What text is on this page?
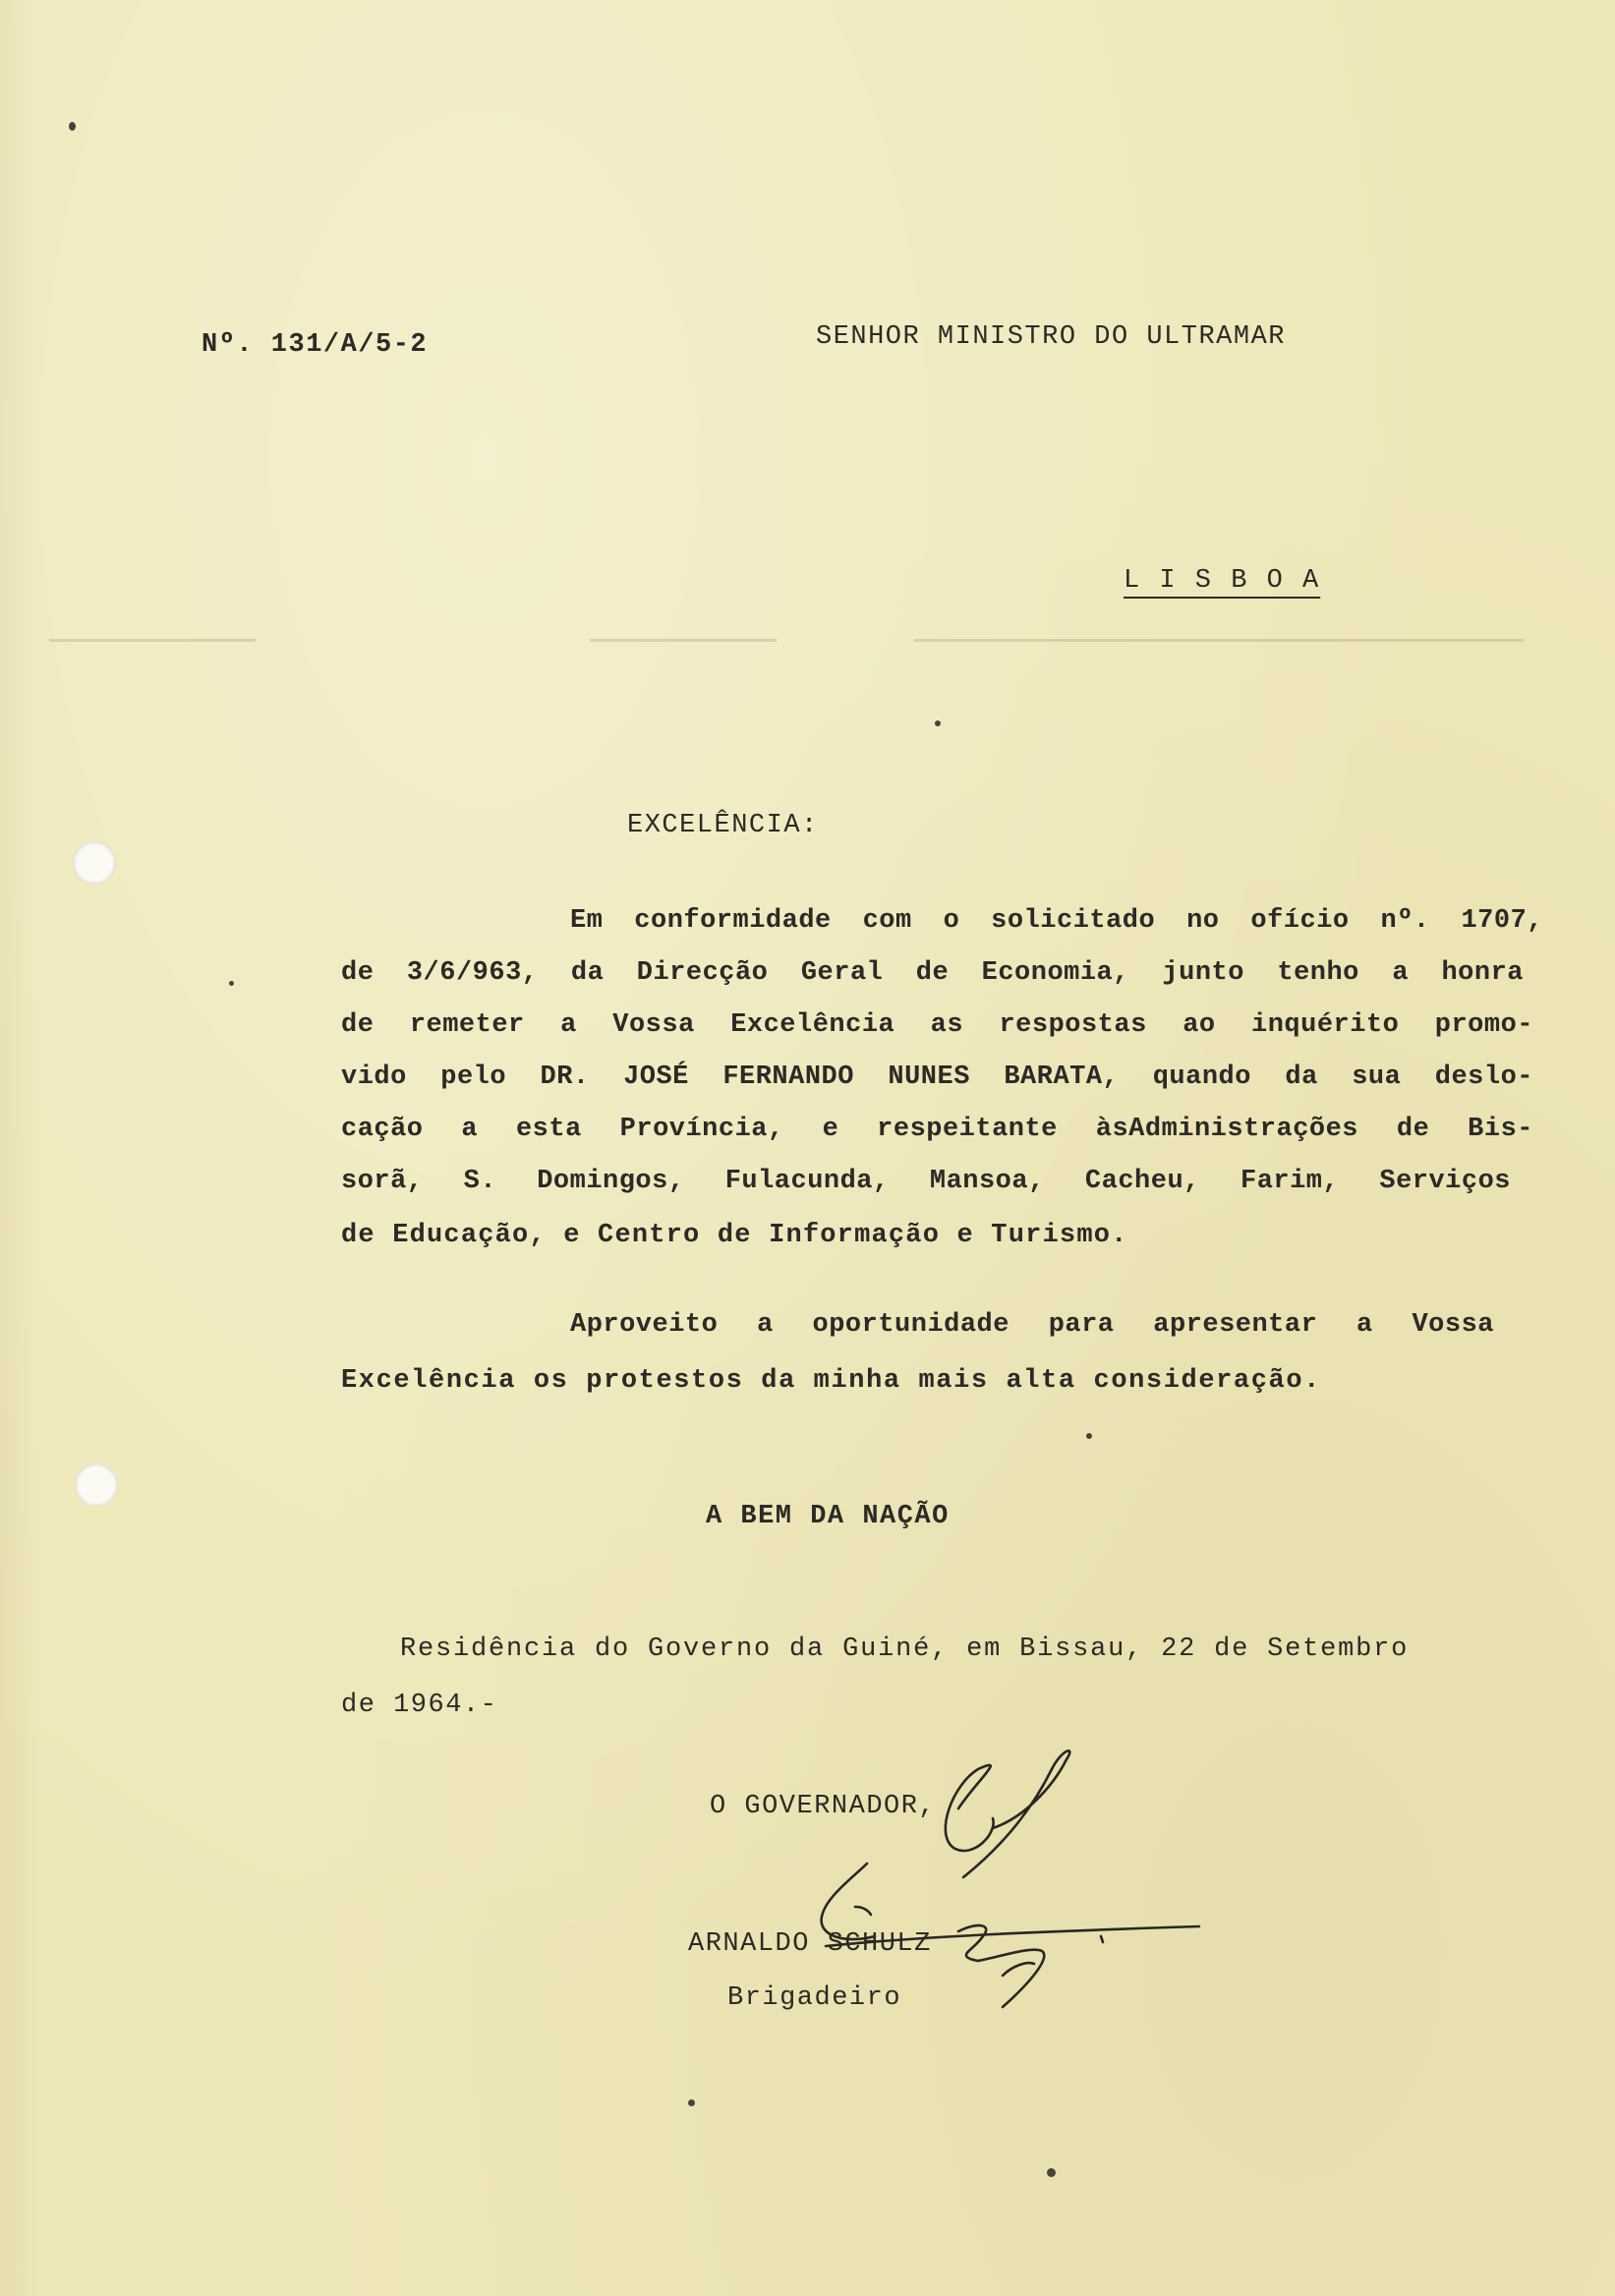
Nº. 131/A/5-2	SENHOR MINISTRO DO ULTRAMAR
L I S B O A
EXCELÊNCIA:
Em conformidade com o solicitado no ofício nº. 1707,
de 3/6/963, da Direcção Geral de Economia, junto tenho a honra
de remeter a Vossa Excelência as respostas ao inquérito promo-
vido pelo DR. JOSÉ FERNANDO NUNES BARATA, quando da sua deslo-
cação a esta Província, e respeitante àsAdministrações de Bis-
sorã, S. Domingos, Fulacunda, Mansoa, Cacheu, Farim, Serviços
de Educação, e Centro de Informação e Turismo.
Aproveito a oportunidade para apresentar a Vossa
Excelência os protestos da minha mais alta consideração.
A BEM DA NAÇÃO
Residência do Governo da Guiné, em Bissau, 22 de Setembro
de 1964.-
O GOVERNADOR,
ARNALDO SCHULZ
Brigadeiro
